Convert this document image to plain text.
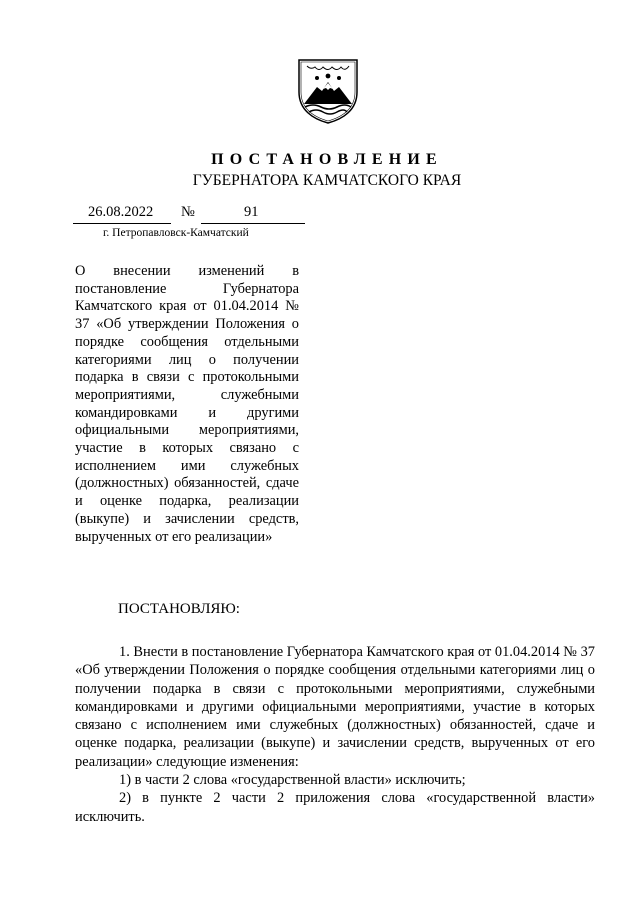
ПОСТАНОВЛЕНИЕ
ГУБЕРНАТОРА КАМЧАТСКОГО КРАЯ
26.08.2022 №	91
г. Петропавловск-Камчатский

О внесении изменений в постановление Губернатора Камчатского края от 01.04.2014 № 37 «Об утверждении Положения о порядке сообщения отдельными категориями лиц о получении подарка в связи с протокольными мероприятиями, служебными командировками и другими официальными мероприятиями, участие в которых связано с исполнением ими служебных (должностных) обязанностей, сдаче и оценке подарка, реализации (выкупе) и зачислении средств, вырученных от его реализации»

ПОСТАНОВЛЯЮ:

1. Внести в постановление Губернатора Камчатского края от 01.04.2014 № 37 «Об утверждении Положения о порядке сообщения отдельными категориями лиц о получении подарка в связи с протокольными мероприятиями, служебными командировками и другими официальными мероприятиями, участие в которых связано с исполнением ими служебных (должностных) обязанностей, сдаче и оценке подарка, реализации (выкупе) и зачислении средств, вырученных от его реализации» следующие изменения:

1) в части 2 слова «государственной власти» исключить;

2) в пункте 2 части 2 приложения слова «государственной власти» исключить.
